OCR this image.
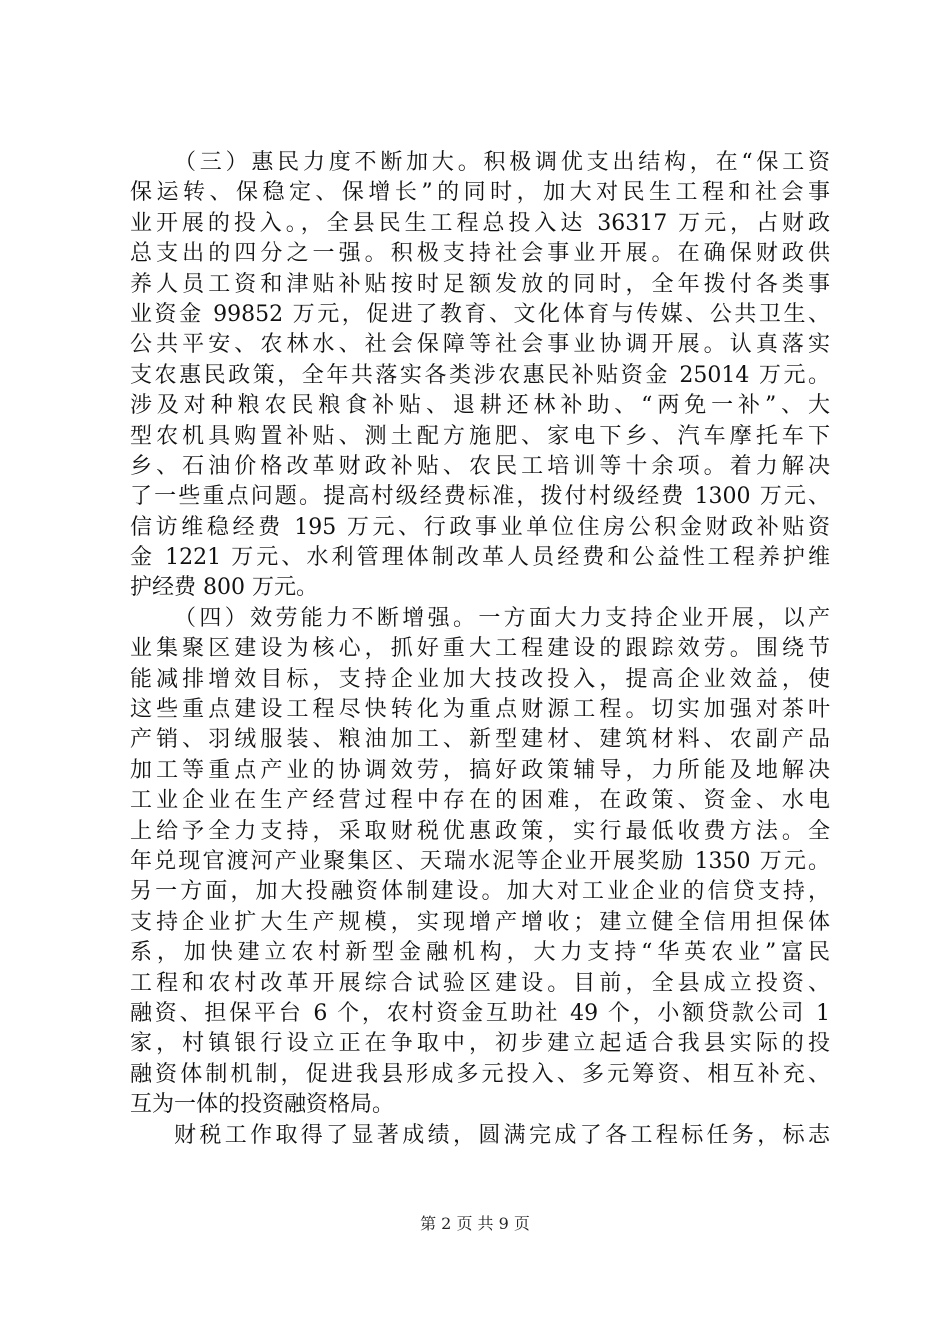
（三）惠民力度不断加大。积极调优支出结构，在“保工资
保运转、保稳定、保增长”的同时，加大对民生工程和社会事
业开展的投入。，全县民生工程总投入达 36317 万元，占财政
总支出的四分之一强。积极支持社会事业开展。在确保财政供
养人员工资和津贴补贴按时足额发放的同时，全年拨付各类事
业资金 99852 万元，促进了教育、文化体育与传媒、公共卫生、
公共平安、农林水、社会保障等社会事业协调开展。认真落实
支农惠民政策，全年共落实各类涉农惠民补贴资金 25014 万元。
涉及对种粮农民粮食补贴、退耕还林补助、“两免一补”、大
型农机具购置补贴、测土配方施肥、家电下乡、汽车摩托车下
乡、石油价格改革财政补贴、农民工培训等十余项。着力解决
了一些重点问题。提高村级经费标准，拨付村级经费 1300 万元、
信访维稳经费 195 万元、行政事业单位住房公积金财政补贴资
金 1221 万元、水利管理体制改革人员经费和公益性工程养护维
护经费 800 万元。
（四）效劳能力不断增强。一方面大力支持企业开展，以产
业集聚区建设为核心，抓好重大工程建设的跟踪效劳。围绕节
能减排增效目标，支持企业加大技改投入，提高企业效益，使
这些重点建设工程尽快转化为重点财源工程。切实加强对茶叶
产销、羽绒服装、粮油加工、新型建材、建筑材料、农副产品
加工等重点产业的协调效劳，搞好政策辅导，力所能及地解决
工业企业在生产经营过程中存在的困难，在政策、资金、水电
上给予全力支持，采取财税优惠政策，实行最低收费方法。全
年兑现官渡河产业聚集区、天瑞水泥等企业开展奖励 1350 万元。
另一方面，加大投融资体制建设。加大对工业企业的信贷支持，
支持企业扩大生产规模，实现增产增收；建立健全信用担保体
系，加快建立农村新型金融机构，大力支持“华英农业”富民
工程和农村改革开展综合试验区建设。目前，全县成立投资、
融资、担保平台 6 个，农村资金互助社 49 个，小额贷款公司 1
家，村镇银行设立正在争取中，初步建立起适合我县实际的投
融资体制机制，促进我县形成多元投入、多元筹资、相互补充、
互为一体的投资融资格局。
财税工作取得了显著成绩，圆满完成了各工程标任务，标志
第 2 页 共 9 页
